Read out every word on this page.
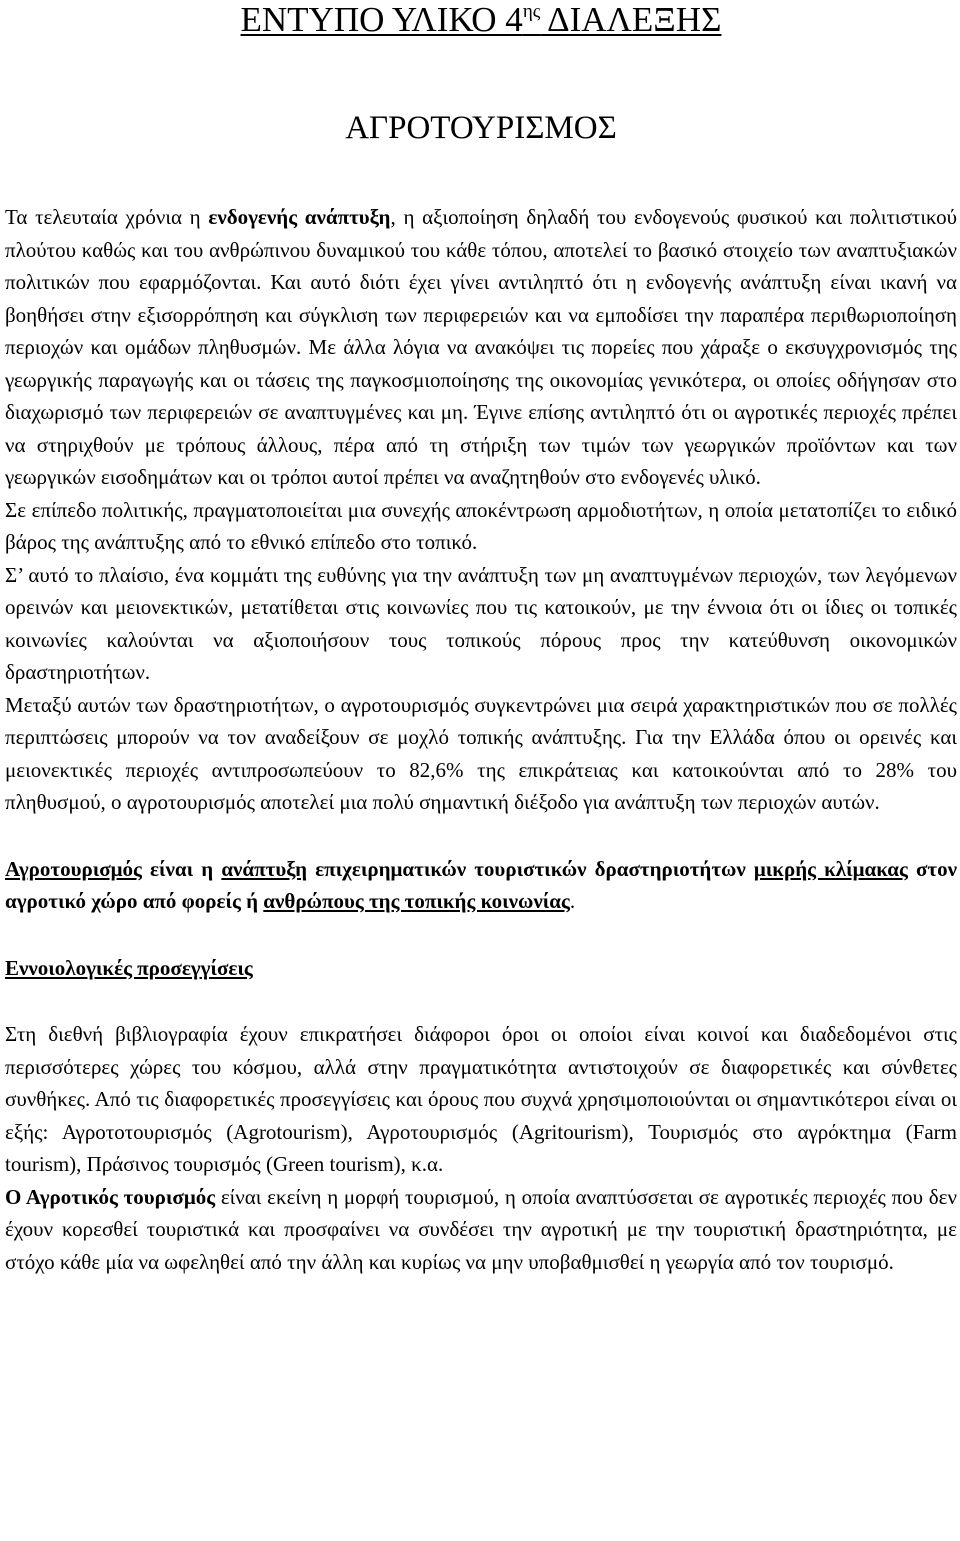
ΕΝΤΥΠΟ ΥΛΙΚΟ $4^{\eta\varsigma}$ ΔΙΑΛΕΞΗΣ
ΑΓΡΟΤΟΥΡΙΣΜΟΣ

Τα τελευταία χρόνια η ενδογενής ανάπτυξη, η αξιοποίηση δηλαδή του ενδογενούς φυσικού και πολιτιστικού πλούτου καθώς και του ανθρώπινου δυναμικού του κάθε τόπου, αποτελεί το βασικό στοιχείο των αναπτυξιακών πολιτικών που εφαρμόζονται. Και αυτό διότι έχει γίνει αντιληπτό ότι η ενδογενής ανάπτυξη είναι ικανή να βοηθήσει στην εξισορρόπηση και σύγκλιση των περιφερειών και να εμποδίσει την παραπέρα περιθωριοποίηση περιοχών και ομάδων πληθυσμών. Με άλλα λόγια να ανακόψει τις πορείες που χάραξε ο εκσυγχρονισμός της γεωργικής παραγωγής και οι τάσεις της παγκοσμιοποίησης της οικονομίας γενικότερα, οι οποίες οδήγησαν στο διαχωρισμό των περιφερειών σε αναπτυγμένες και μη. Έγινε επίσης αντιληπτό ότι οι αγροτικές περιοχές πρέπει να στηριχθούν με τρόπους άλλους, πέρα από τη στήριξη των τιμών των γεωργικών προϊόντων και των γεωργικών εισοδημάτων και οι τρόποι αυτοί πρέπει να αναζητηθούν στο ενδογενές υλικό.

Σε επίπεδο πολιτικής, πραγματοποιείται μια συνεχής αποκέντρωση αρμοδιοτήτων, η οποία μετατοπίζει το ειδικό βάρος της ανάπτυξης από το εθνικό επίπεδο στο τοπικό.

Σ’ αυτό το πλαίσιο, ένα κομμάτι της ευθύνης για την ανάπτυξη των μη αναπτυγμένων περιοχών, των λεγόμενων ορεινών και μειονεκτικών, μετατίθεται στις κοινωνίες που τις κατοικούν, με την έννοια ότι οι ίδιες οι τοπικές κοινωνίες καλούνται να αξιοποιήσουν τους τοπικούς πόρους προς την κατεύθυνση οικονομικών δραστηριοτήτων.

Μεταξύ αυτών των δραστηριοτήτων, ο αγροτουρισμός συγκεντρώνει μια σειρά χαρακτηριστικών που σε πολλές περιπτώσεις μπορούν να τον αναδείξουν σε μοχλό τοπικής ανάπτυξης. Για την Ελλάδα όπου οι ορεινές και μειονεκτικές περιοχές αντιπροσωπεύουν το 82,6% της επικράτειας και κατοικούνται από το 28% του πληθυσμού, ο αγροτουρισμός αποτελεί μια πολύ σημαντική διέξοδο για ανάπτυξη των περιοχών αυτών.

Αγροτουρισμός είναι η ανάπτυξη επιχειρηματικών τουριστικών δραστηριοτήτων μικρής κλίμακας στον αγροτικό χώρο από φορείς ή ανθρώπους της τοπικής κοινωνίας.

Εννοιολογικές προσεγγίσεις

Στη διεθνή βιβλιογραφία έχουν επικρατήσει διάφοροι όροι οι οποίοι είναι κοινοί και διαδεδομένοι στις περισσότερες χώρες του κόσμου, αλλά στην πραγματικότητα αντιστοιχούν σε διαφορετικές και σύνθετες συνθήκες. Από τις διαφορετικές προσεγγίσεις και όρους που συχνά χρησιμοποιούνται οι σημαντικότεροι είναι οι εξής: Αγροτοτουρισμός (Agrotourism), Αγροτουρισμός (Agritourism), Τουρισμός στο αγρόκτημα (Farm tourism), Πράσινος τουρισμός (Green tourism), κ.α.

Ο Αγροτικός τουρισμός είναι εκείνη η μορφή τουρισμού, η οποία αναπτύσσεται σε αγροτικές περιοχές που δεν έχουν κορεσθεί τουριστικά και προσφαίνει να συνδέσει την αγροτική με την τουριστική δραστηριότητα, με στόχο κάθε μία να ωφεληθεί από την άλλη και κυρίως να μην υποβαθμισθεί η γεωργία από τον τουρισμό.
